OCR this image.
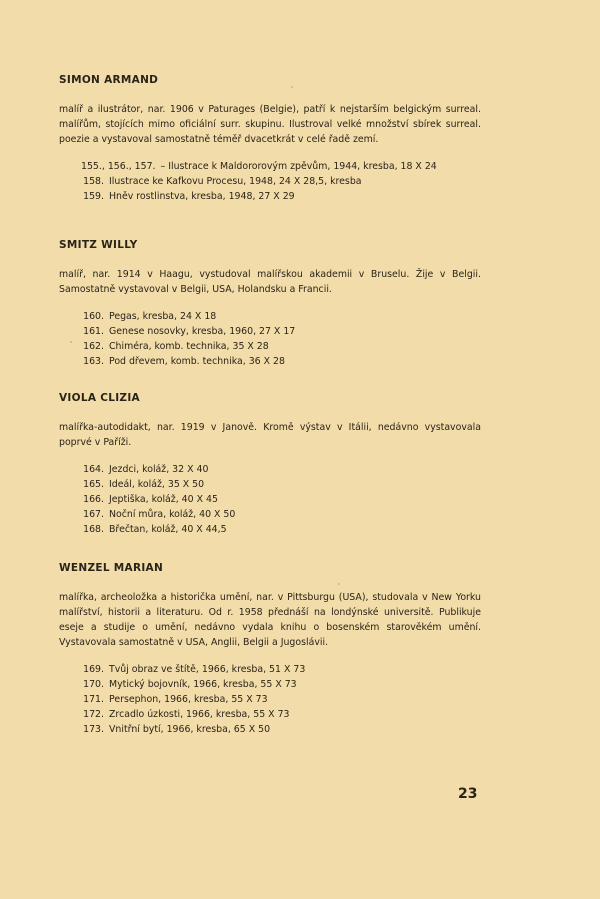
SIMON ARMAND

malíř a ilustrátor, nar. 1906 v Paturages (Belgie), patří k nejstarším belgickým surreal. malířům, stojících mimo oficiální surr. skupinu. Ilustroval velké množství sbírek surreal. poezie a vystavoval samostatně téměř dvacetkrát v celé řadě zemí.

155., 156., 157. – Ilustrace k Maldororovým zpěvům, 1944, kresba, 18 X 24
158. Ilustrace ke Kafkovu Procesu, 1948, 24 X 28,5, kresba
159. Hněv rostlinstva, kresba, 1948, 27 X 29
SMITZ WILLY

malíř, nar. 1914 v Haagu, vystudoval malířskou akademii v Bruselu. Žije v Belgii. Samostatně vystavoval v Belgii, USA, Holandsku a Francii.

160. Pegas, kresba, 24 X 18
161. Genese nosovky, kresba, 1960, 27 X 17
162. Chiméra, komb. technika, 35 X 28
163. Pod dřevem, komb. technika, 36 X 28
VIOLA CLIZIA

malířka-autodidakt, nar. 1919 v Janově. Kromě výstav v Itálii, nedávno vystavovala poprvé v Paříži.

164. Jezdci, koláž, 32 X 40
165. Ideál, koláž, 35 X 50
166. Jeptiška, koláž, 40 X 45
167. Noční můra, koláž, 40 X 50
168. Břečtan, koláž, 40 X 44,5
WENZEL MARIAN

malířka, archeoložka a historička umění, nar. v Pittsburgu (USA), studovala v New Yorku malířství, historii a literaturu. Od r. 1958 přednáší na londýnské universitě. Publikuje eseje a studije o umění, nedávno vydala knihu o bosenském starověkém umění. Vystavovala samostatně v USA, Anglii, Belgii a Jugoslávii.

169. Tvůj obraz ve štítě, 1966, kresba, 51 X 73
170. Mytický bojovník, 1966, kresba, 55 X 73
171. Persephon, 1966, kresba, 55 X 73
172. Zrcadlo úzkosti, 1966, kresba, 55 X 73
173. Vnitřní bytí, 1966, kresba, 65 X 50
23
